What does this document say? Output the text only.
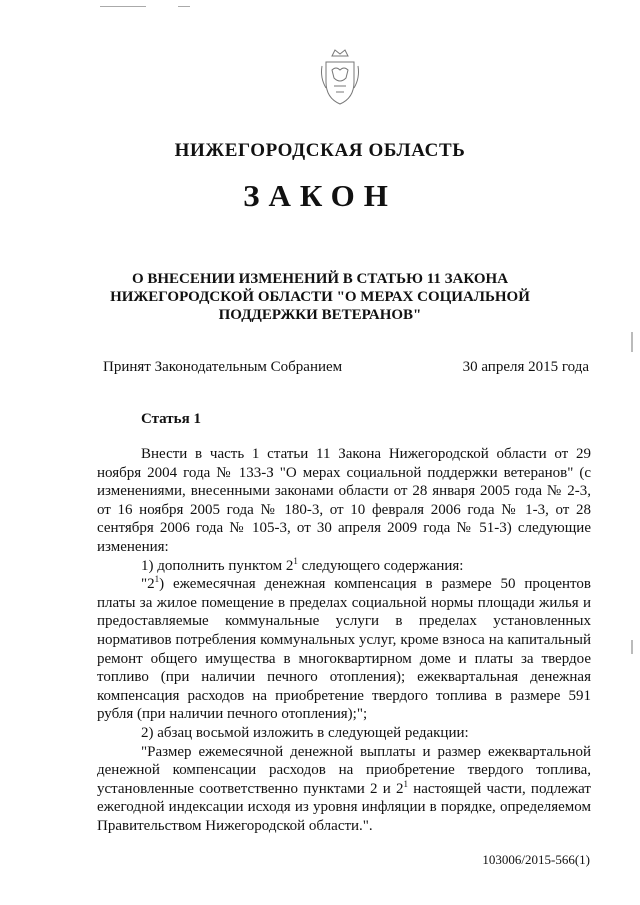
НИЖЕГОРОДСКАЯ ОБЛАСТЬ
ЗАКОН
О ВНЕСЕНИИ ИЗМЕНЕНИЙ В СТАТЬЮ 11 ЗАКОНА
НИЖЕГОРОДСКОЙ ОБЛАСТИ "О МЕРАХ СОЦИАЛЬНОЙ
ПОДДЕРЖКИ ВЕТЕРАНОВ"
Принят Законодательным Собранием	30 апреля 2015 года
Статья 1

Внести в часть 1 статьи 11 Закона Нижегородской области от 29 ноября 2004 года № 133-З "О мерах социальной поддержки ветеранов" (с изменениями, внесенными законами области от 28 января 2005 года № 2-3, от 16 ноября 2005 года № 180-3, от 10 февраля 2006 года № 1-3, от 28 сентября 2006 года № 105-3, от 30 апреля 2009 года № 51-3) следующие изменения:

1) дополнить пунктом $2^1$ следующего содержания:

"$2^1$) ежемесячная денежная компенсация в размере 50 процентов платы за жилое помещение в пределах социальной нормы площади жилья и предоставляемые коммунальные услуги в пределах установленных нормативов потребления коммунальных услуг, кроме взноса на капитальный ремонт общего имущества в многоквартирном доме и платы за твердое топливо (при наличии печного отопления); ежеквартальная денежная компенсация расходов на приобретение твердого топлива в размере 591 рубля (при наличии печного отопления);";

2) абзац восьмой изложить в следующей редакции:

"Размер ежемесячной денежной выплаты и размер ежеквартальной денежной компенсации расходов на приобретение твердого топлива, установленные соответственно пунктами 2 и $2^1$ настоящей части, подлежат ежегодной индексации исходя из уровня инфляции в порядке, определяемом Правительством Нижегородской области.".

103006/2015-566(1)
